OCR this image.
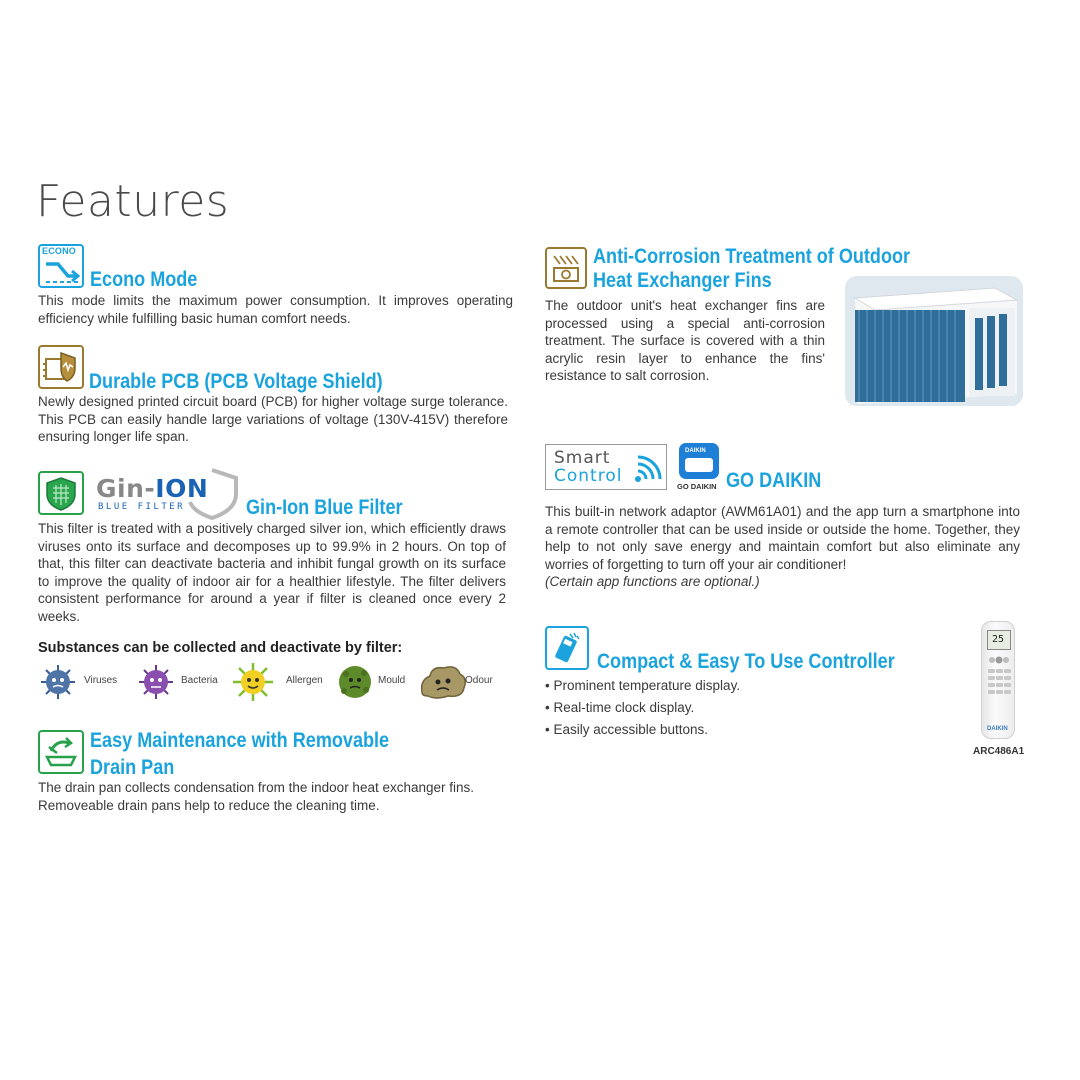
Features
ECONO
Econo Mode
This mode limits the maximum power consumption. It improves operating efficiency while fulfilling basic human comfort needs.
Durable PCB (PCB Voltage Shield)
Newly designed printed circuit board (PCB) for higher voltage surge tolerance. This PCB can easily handle large variations of voltage (130V-415V) therefore ensuring longer life span.
Gin-ION
BLUE FILTER	Gin-Ion Blue Filter
This filter is treated with a positively charged silver ion, which efficiently draws viruses onto its surface and decomposes up to 99.9% in 2 hours. On top of that, this filter can deactivate bacteria and inhibit fungal growth on its surface to improve the quality of indoor air for a healthier lifestyle. The filter delivers consistent performance for around a year if filter is cleaned once every 2 weeks.
Substances can be collected and deactivate by filter:
Viruses	Bacteria	Allergen	Mould	Odour
Easy Maintenance with Removable
Drain Pan
The drain pan collects condensation from the indoor heat exchanger fins. Removeable drain pans help to reduce the cleaning time.
Anti-Corrosion Treatment of Outdoor
Heat Exchanger Fins
The outdoor unit's heat exchanger fins are processed using a special anti-corrosion treatment. The surface is covered with a thin acrylic resin layer to enhance the fins' resistance to salt corrosion.
Smart
Control
DAIKIN
GO DAIKIN GO DAIKIN
This built-in network adaptor (AWM61A01) and the app turn a smartphone into a remote controller that can be used inside or outside the home. Together, they help to not only save energy and maintain comfort but also eliminate any worries of forgetting to turn off your air conditioner!
(Certain app functions are optional.)
Compact & Easy To Use Controller
• Prominent temperature display.
• Real-time clock display.
• Easily accessible buttons.
25
DAIKIN
ARC486A1
